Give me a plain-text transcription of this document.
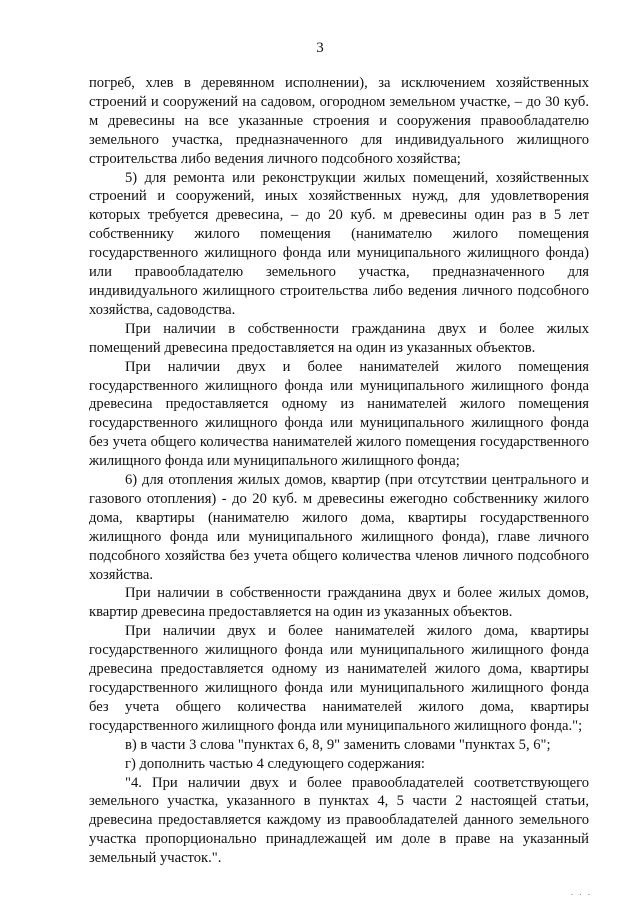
3

погреб, хлев в деревянном исполнении), за исключением хозяйственных строений и сооружений на садовом, огородном земельном участке, – до 30 куб. м древесины на все указанные строения и сооружения правообладателю земельного участка, предназначенного для индивидуального жилищного строительства либо ведения личного подсобного хозяйства;

5) для ремонта или реконструкции жилых помещений, хозяйственных строений и сооружений, иных хозяйственных нужд, для удовлетворения которых требуется древесина, – до 20 куб. м древесины один раз в 5 лет собственнику жилого помещения (нанимателю жилого помещения государственного жилищного фонда или муниципального жилищного фонда) или правообладателю земельного участка, предназначенного для индивидуального жилищного строительства либо ведения личного подсобного хозяйства, садоводства.

При наличии в собственности гражданина двух и более жилых помещений древесина предоставляется на один из указанных объектов.

При наличии двух и более нанимателей жилого помещения государственного жилищного фонда или муниципального жилищного фонда древесина предоставляется одному из нанимателей жилого помещения государственного жилищного фонда или муниципального жилищного фонда без учета общего количества нанимателей жилого помещения государственного жилищного фонда или муниципального жилищного фонда;

6) для отопления жилых домов, квартир (при отсутствии центрального и газового отопления) - до 20 куб. м древесины ежегодно собственнику жилого дома, квартиры (нанимателю жилого дома, квартиры государственного жилищного фонда или муниципального жилищного фонда), главе личного подсобного хозяйства без учета общего количества членов личного подсобного хозяйства.

При наличии в собственности гражданина двух и более жилых домов, квартир древесина предоставляется на один из указанных объектов.

При наличии двух и более нанимателей жилого дома, квартиры государственного жилищного фонда или муниципального жилищного фонда древесина предоставляется одному из нанимателей жилого дома, квартиры государственного жилищного фонда или муниципального жилищного фонда без учета общего количества нанимателей жилого дома, квартиры государственного жилищного фонда или муниципального жилищного фонда.";

в) в части 3 слова "пунктах 6, 8, 9" заменить словами "пунктах 5, 6";

г) дополнить частью 4 следующего содержания:

"4. При наличии двух и более правообладателей соответствующего земельного участка, указанного в пунктах 4, 5 части 2 настоящей статьи, древесина предоставляется каждому из правообладателей данного земельного участка пропорционально принадлежащей им доле в праве на указанный земельный участок.".

. . .
